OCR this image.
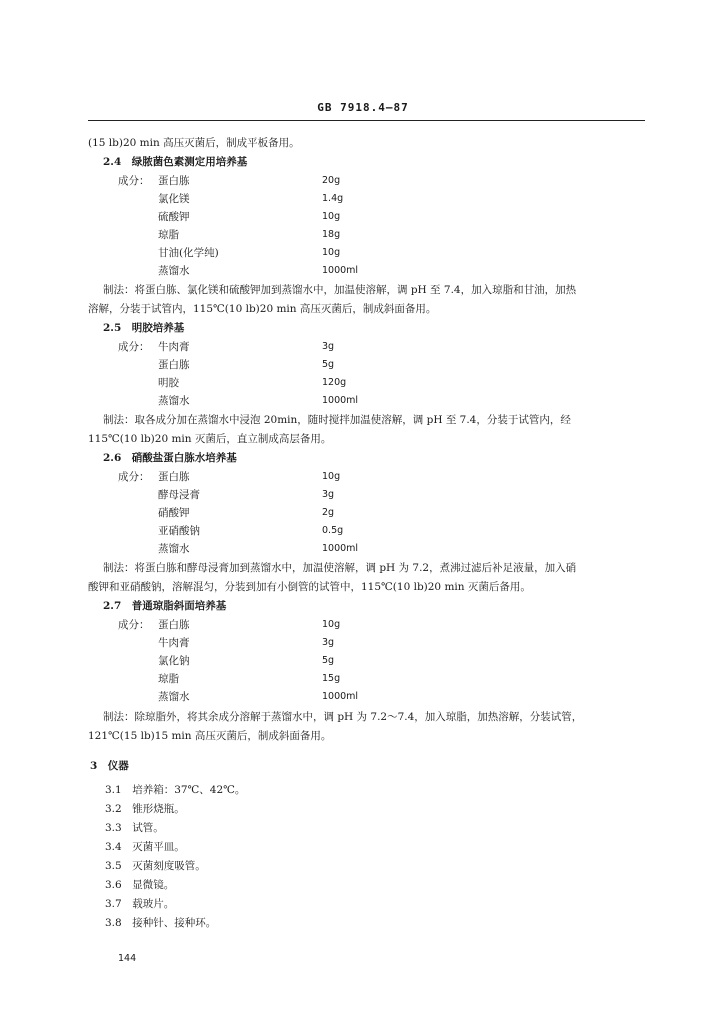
GB 7918.4—87
(15 lb)20 min 高压灭菌后，制成平板备用。
2.4　绿脓菌色素测定用培养基
成分： 蛋白胨	20g
氯化镁	1.4g
硫酸钾	10g
琼脂	18g
甘油(化学纯)	10g
蒸馏水	1000ml
制法：将蛋白胨、氯化镁和硫酸钾加到蒸馏水中，加温使溶解，调 pH 至 7.4，加入琼脂和甘油，加热
溶解，分装于试管内，115℃(10 lb)20 min 高压灭菌后，制成斜面备用。
2.5　明胶培养基
成分： 牛肉膏	3g
蛋白胨	5g
明胶	120g
蒸馏水	1000ml
制法：取各成分加在蒸馏水中浸泡 20min，随时搅拌加温使溶解，调 pH 至 7.4，分装于试管内，经
115℃(10 lb)20 min 灭菌后，直立制成高层备用。
2.6　硝酸盐蛋白胨水培养基
成分： 蛋白胨	10g
酵母浸膏	3g
硝酸钾	2g
亚硝酸钠	0.5g
蒸馏水	1000ml
制法：将蛋白胨和酵母浸膏加到蒸馏水中，加温使溶解，调 pH 为 7.2，煮沸过滤后补足液量，加入硝
酸钾和亚硝酸钠，溶解混匀，分装到加有小倒管的试管中，115℃(10 lb)20 min 灭菌后备用。
2.7　普通琼脂斜面培养基
成分： 蛋白胨	10g
牛肉膏	3g
氯化钠	5g
琼脂	15g
蒸馏水	1000ml
制法：除琼脂外，将其余成分溶解于蒸馏水中，调 pH 为 7.2～7.4，加入琼脂，加热溶解，分装试管，
121℃(15 lb)15 min 高压灭菌后，制成斜面备用。
3　仪器
3.1　培养箱：37℃、42℃。
3.2　锥形烧瓶。
3.3　试管。
3.4　灭菌平皿。
3.5　灭菌刻度吸管。
3.6　显微镜。
3.7　载玻片。
3.8　接种针、接种环。
144
